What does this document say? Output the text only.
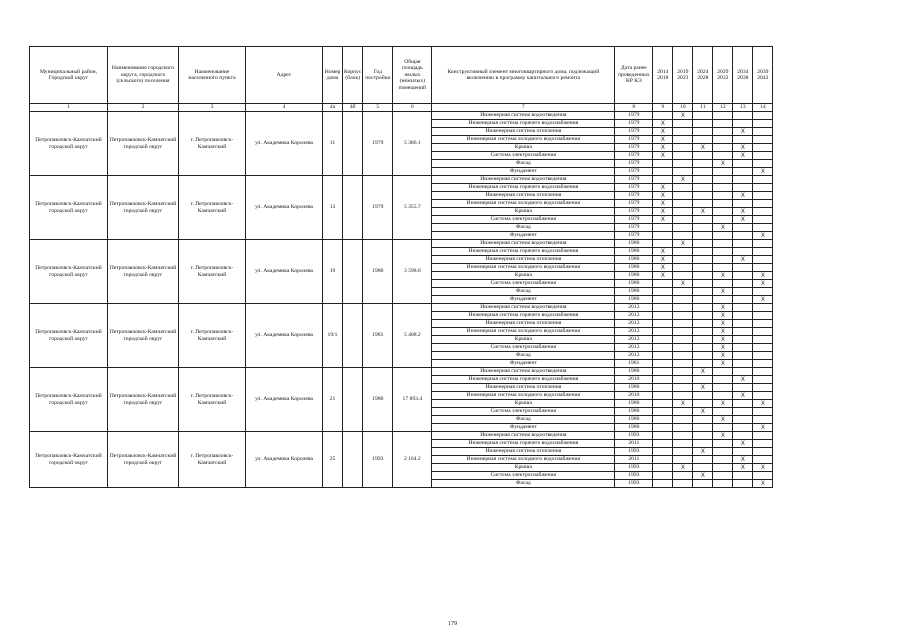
Муниципальный район, Городской округ	Наименование городского округа, городского (сельского) поселения	Наименование населенного пункта	Адрес	Номер дома	Корпус (блок)	Год постройки	Общая площадь жилых (нежилых) помещений	Конструктивный элемент многоквартирного дома, подлежащий включению в программу капитального ремонта	Дата ранее проведенных КР КЭ	2014 2018	2019 2023	2024 2028	2029 2033	2034 2038	2039 2043
1	2	3	4	4а	4б	5	6	7	8	9	10	11	12	13	14
Петропавловск-Камчатский городской округ	Петропавловск-Камчатский городской округ	г. Петропавловск-Камчатский	ул. Академика Королева	11		1979	5 386.1	Инженерная система водоотведения	1979		X				
								Инженерная система горячего водоснабжения	1979	X					
								Инженерная система отопления	1979	X				X	
								Инженерная система холодного водоснабжения	1979	X					
								Крыша	1979	X		X		X	
								Система электроснабжения	1979	X				X	
								Фасад	1979				X		
								Фундамент	1979						X
Петропавловск-Камчатский городской округ	Петропавловск-Камчатский городской округ	г. Петропавловск-Камчатский	ул. Академика Королева	13		1979	5 355.7	Инженерная система водоотведения	1979		X				
								Инженерная система горячего водоснабжения	1979	X					
								Инженерная система отопления	1979	X				X	
								Инженерная система холодного водоснабжения	1979	X					
								Крыша	1979	X		X		X	
								Система электроснабжения	1979	X				X	
								Фасад	1979				X		
								Фундамент	1979						X
Петропавловск-Камчатский городской округ	Петропавловск-Камчатский городской округ	г. Петропавловск-Камчатский	ул. Академика Королева	19		1980	3 598.6	Инженерная система водоотведения	1980		X				
								Инженерная система горячего водоснабжения	1980	X					
								Инженерная система отопления	1980	X				X	
								Инженерная система холодного водоснабжения	1980	X					
								Крыша	1980	X			X		X
								Система электроснабжения	1980		X				X
								Фасад	1980				X		
								Фундамент	1980						X
Петропавловск-Камчатский городской округ	Петропавловск-Камчатский городской округ	г. Петропавловск-Камчатский	ул. Академика Королева	19/1		1981	5 408.2	Инженерная система водоотведения	2013				X		
								Инженерная система горячего водоснабжения	2013				X		
								Инженерная система отопления	2013				X		
								Инженерная система холодного водоснабжения	2013				X		
								Крыша	2013				X		
								Система электроснабжения	2013				X		
								Фасад	2013				X		
								Фундамент	1981				X		
Петропавловск-Камчатский городской округ	Петропавловск-Камчатский городской округ	г. Петропавловск-Камчатский	ул. Академика Королева	21		1980	17 893.4	Инженерная система водоотведения	1980			X			
								Инженерная система горячего водоснабжения	2010					X	
								Инженерная система отопления	1980			X			
								Инженерная система холодного водоснабжения	2010					X	
								Крыша	1980		X		X		X
								Система электроснабжения	1980			X			
								Фасад	1980				X		
								Фундамент	1980						X
Петропавловск-Камчатский городской округ	Петропавловск-Камчатский городской округ	г. Петропавловск-Камчатский	ул. Академика Королева	25		1993	2 164.2	Инженерная система водоотведения	1993				X		
								Инженерная система горячего водоснабжения	2011					X	
								Инженерная система отопления	1993			X			
								Инженерная система холодного водоснабжения	2011					X	
								Крыша	1993		X			X	X
								Система электроснабжения	1993			X			
								Фасад	1993						X
179
